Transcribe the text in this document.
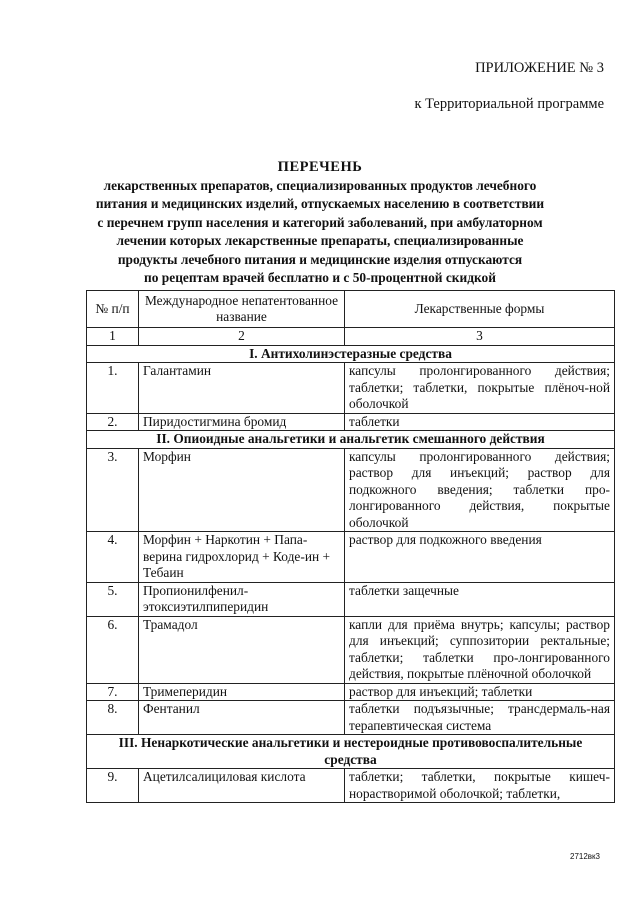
ПРИЛОЖЕНИЕ № 3
к Территориальной программе
ПЕРЕЧЕНЬ
лекарственных препаратов, специализированных продуктов лечебного
питания и медицинских изделий, отпускаемых населению в соответствии
с перечнем групп населения и категорий заболеваний, при амбулаторном
лечении которых лекарственные препараты, специализированные
продукты лечебного питания и медицинские изделия отпускаются
по рецептам врачей бесплатно и с 50-процентной скидкой
№ п/п	Международное непатентованное название	Лекарственные формы
1	2	3
I. Антихолинэстеразные средства		
1.	Галантамин	капсулы пролонгированного действия; таблетки; таблетки, покрытые плёноч-ной оболочкой
2.	Пиридостигмина бромид	таблетки
II. Опиоидные анальгетики и анальгетик смешанного действия		
3.	Морфин	капсулы пролонгированного действия; раствор для инъекций; раствор для подкожного введения; таблетки про-лонгированного действия, покрытые оболочкой
4.	Морфин + Наркотин + Папа-верина гидрохлорид + Коде-ин + Тебаин	раствор для подкожного введения
5.	Пропионилфенил-этоксиэтилпиперидин	таблетки защечные
6.	Трамадол	капли для приёма внутрь; капсулы; раствор для инъекций; суппозитории ректальные; таблетки; таблетки про-лонгированного действия, покрытые плёночной оболочкой
7.	Тримеперидин	раствор для инъекций; таблетки
8.	Фентанил	таблетки подъязычные; трансдермаль-ная терапевтическая система
III. Ненаркотические анальгетики и нестероидные противовоспалительные средства		
9.	Ацетилсалициловая кислота	таблетки; таблетки, покрытые кишеч-норастворимой оболочкой; таблетки,
2712вк3
